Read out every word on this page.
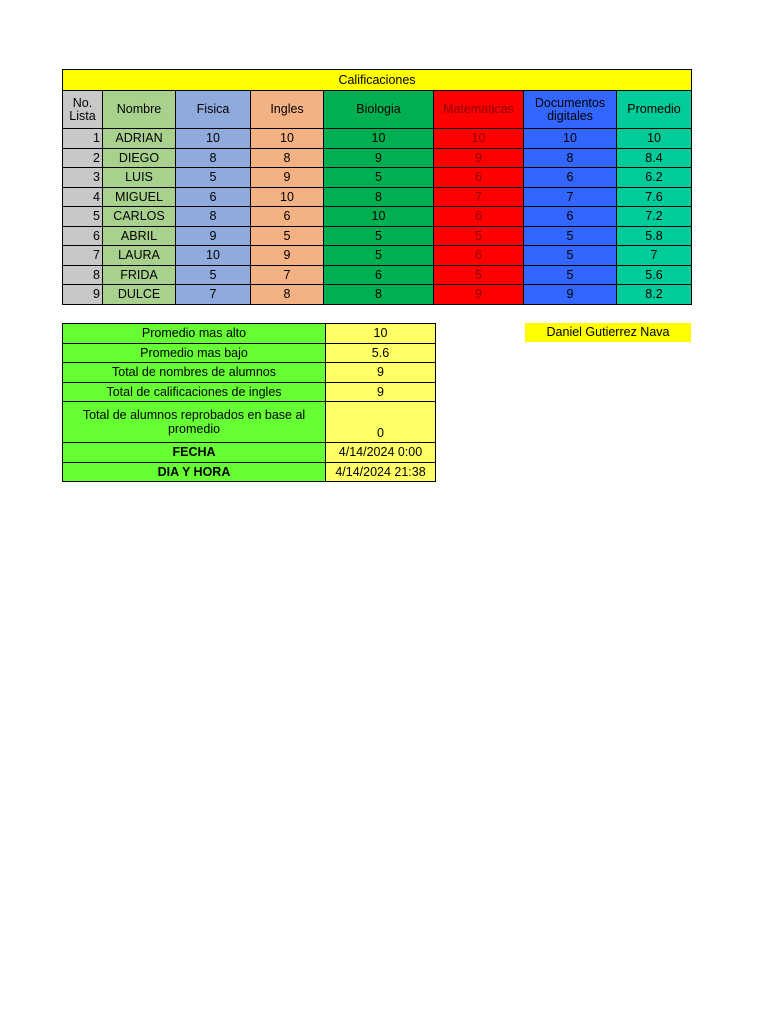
Calificaciones							
No. Lista	Nombre	Fisica	Ingles	Biologia	Matematicas	Documentos digitales	Promedio
1	ADRIAN	10	10	10	10	10	10
2	DIEGO	8	8	9	9	8	8.4
3	LUIS	5	9	5	6	6	6.2
4	MIGUEL	6	10	8	7	7	7.6
5	CARLOS	8	6	10	6	6	7.2
6	ABRIL	9	5	5	5	5	5.8
7	LAURA	10	9	5	6	5	7
8	FRIDA	5	7	6	5	5	5.6
9	DULCE	7	8	8	9	9	8.2
Promedio mas alto	10
Promedio mas bajo	5.6
Total de nombres de alumnos	9
Total de calificaciones de ingles	9
Total de alumnos reprobados en base al promedio	0
FECHA	4/14/2024 0:00
DIA Y HORA	4/14/2024 21:38
Daniel Gutierrez Nava
